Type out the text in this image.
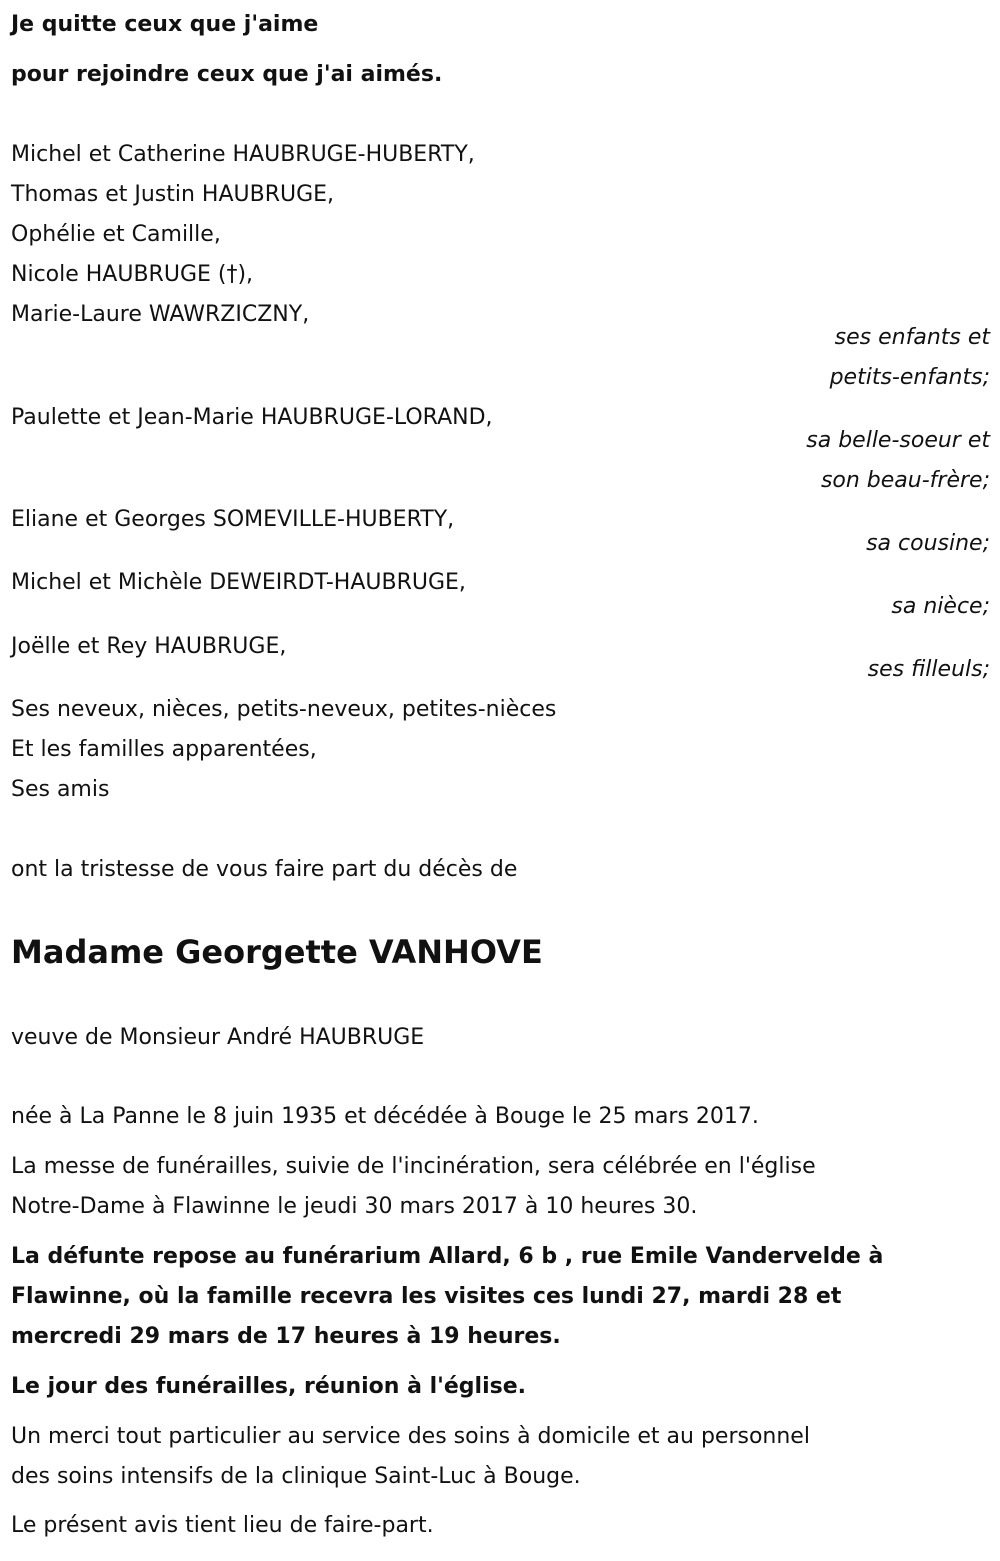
Je quitte ceux que j'aime
pour rejoindre ceux que j'ai aimés.
Michel et Catherine HAUBRUGE-HUBERTY,
Thomas et Justin HAUBRUGE,
Ophélie et Camille,
Nicole HAUBRUGE (†),
Marie-Laure WAWRZICZNY,
ses enfants et
petits-enfants;
Paulette et Jean-Marie HAUBRUGE-LORAND,
sa belle-soeur et
son beau-frère;
Eliane et Georges SOMEVILLE-HUBERTY,
sa cousine;
Michel et Michèle DEWEIRDT-HAUBRUGE,
sa nièce;
Joëlle et Rey HAUBRUGE,
ses filleuls;
Ses neveux, nièces, petits-neveux, petites-nièces
Et les familles apparentées,
Ses amis
ont la tristesse de vous faire part du décès de
Madame Georgette VANHOVE
veuve de Monsieur André HAUBRUGE
née à La Panne le 8 juin 1935 et décédée à Bouge le 25 mars 2017.
La messe de funérailles, suivie de l'incinération, sera célébrée en l'église
Notre-Dame à Flawinne le jeudi 30 mars 2017 à 10 heures 30.
La défunte repose au funérarium Allard, 6 b , rue Emile Vandervelde à
Flawinne, où la famille recevra les visites ces lundi 27, mardi 28 et
mercredi 29 mars de 17 heures à 19 heures.
Le jour des funérailles, réunion à l'église.
Un merci tout particulier au service des soins à domicile et au personnel
des soins intensifs de la clinique Saint-Luc à Bouge.
Le présent avis tient lieu de faire-part.
